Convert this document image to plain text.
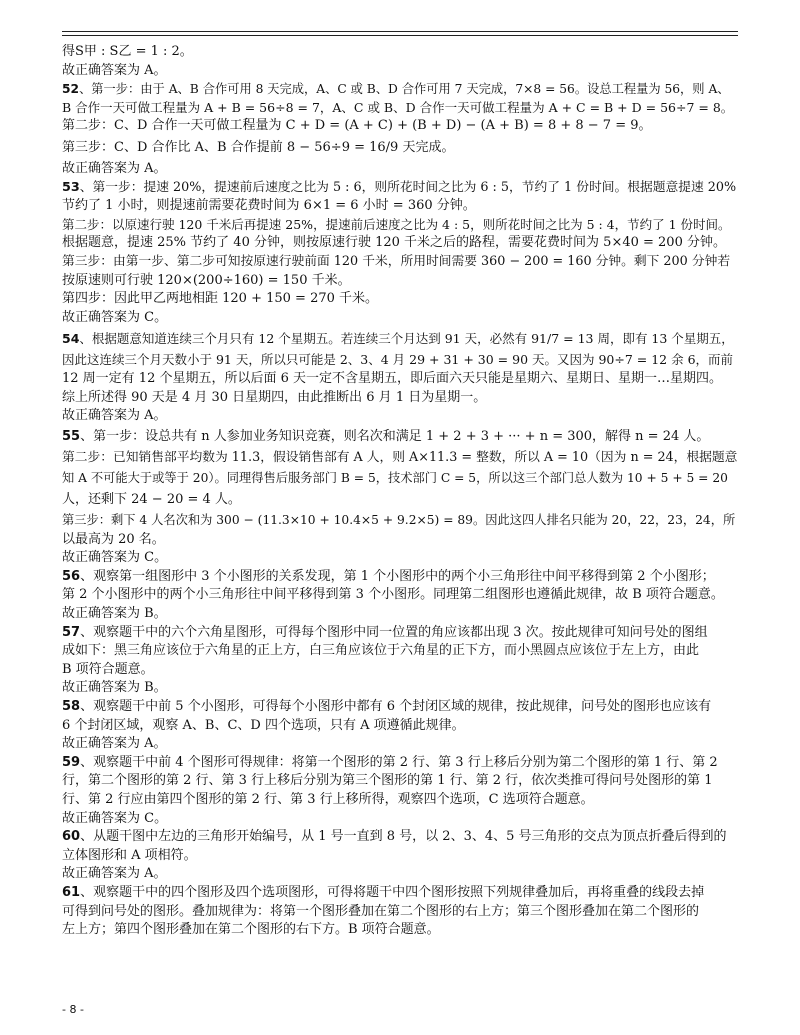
得S甲 : S乙 = 1 : 2。
故正确答案为 A。
52、第一步：由于 A、B 合作可用 8 天完成，A、C 或 B、D 合作可用 7 天完成，7×8 = 56。设总工程量为 56，则 A、
B 合作一天可做工程量为 A + B = 56÷8 = 7，A、C 或 B、D 合作一天可做工程量为 A + C = B + D = 56÷7 = 8。
第二步：C、D 合作一天可做工程量为 C + D = (A + C) + (B + D) − (A + B) = 8 + 8 − 7 = 9。
第三步：C、D 合作比 A、B 合作提前 8 − 56÷9 = 16/9 天完成。
故正确答案为 A。
53、第一步：提速 20%，提速前后速度之比为 5 : 6，则所花时间之比为 6 : 5，节约了 1 份时间。根据题意提速 20%
节约了 1 小时，则提速前需要花费时间为 6×1 = 6 小时 = 360 分钟。
第二步：以原速行驶 120 千米后再提速 25%，提速前后速度之比为 4 : 5，则所花时间之比为 5 : 4，节约了 1 份时间。
根据题意，提速 25% 节约了 40 分钟，则按原速行驶 120 千米之后的路程，需要花费时间为 5×40 = 200 分钟。
第三步：由第一步、第二步可知按原速行驶前面 120 千米，所用时间需要 360 − 200 = 160 分钟。剩下 200 分钟若
按原速则可行驶 120×(200÷160) = 150 千米。
第四步：因此甲乙两地相距 120 + 150 = 270 千米。
故正确答案为 C。
54、根据题意知道连续三个月只有 12 个星期五。若连续三个月达到 91 天，必然有 91/7 = 13 周，即有 13 个星期五，
因此这连续三个月天数小于 91 天，所以只可能是 2、3、4 月 29 + 31 + 30 = 90 天。又因为 90÷7 = 12 余 6，而前
12 周一定有 12 个星期五，所以后面 6 天一定不含星期五，即后面六天只能是星期六、星期日、星期一…星期四。
综上所述得 90 天是 4 月 30 日星期四，由此推断出 6 月 1 日为星期一。
故正确答案为 A。
55、第一步：设总共有 n 人参加业务知识竞赛，则名次和满足 1 + 2 + 3 + ··· + n = 300，解得 n = 24 人。
第二步：已知销售部平均数为 11.3，假设销售部有 A 人，则 A×11.3 = 整数，所以 A = 10（因为 n = 24，根据题意
知 A 不可能大于或等于 20）。同理得售后服务部门 B = 5，技术部门 C = 5，所以这三个部门总人数为 10 + 5 + 5 = 20
人，还剩下 24 − 20 = 4 人。
第三步：剩下 4 人名次和为 300 − (11.3×10 + 10.4×5 + 9.2×5) = 89。因此这四人排名只能为 20，22，23，24，所
以最高为 20 名。
故正确答案为 C。
56、观察第一组图形中 3 个小图形的关系发现，第 1 个小图形中的两个小三角形往中间平移得到第 2 个小图形；
第 2 个小图形中的两个小三角形往中间平移得到第 3 个小图形。同理第二组图形也遵循此规律，故 B 项符合题意。
故正确答案为 B。
57、观察题干中的六个六角星图形，可得每个图形中同一位置的角应该都出现 3 次。按此规律可知问号处的图组
成如下：黑三角应该位于六角星的正上方，白三角应该位于六角星的正下方，而小黑圆点应该位于左上方，由此
B 项符合题意。
故正确答案为 B。
58、观察题干中前 5 个小图形，可得每个小图形中都有 6 个封闭区域的规律，按此规律，问号处的图形也应该有
6 个封闭区域，观察 A、B、C、D 四个选项，只有 A 项遵循此规律。
故正确答案为 A。
59、观察题干中前 4 个图形可得规律：将第一个图形的第 2 行、第 3 行上移后分别为第二个图形的第 1 行、第 2
行，第二个图形的第 2 行、第 3 行上移后分别为第三个图形的第 1 行、第 2 行，依次类推可得问号处图形的第 1
行、第 2 行应由第四个图形的第 2 行、第 3 行上移所得，观察四个选项，C 选项符合题意。
故正确答案为 C。
60、从题干图中左边的三角形开始编号，从 1 号一直到 8 号，以 2、3、4、5 号三角形的交点为顶点折叠后得到的
立体图形和 A 项相符。
故正确答案为 A。
61、观察题干中的四个图形及四个选项图形，可得将题干中四个图形按照下列规律叠加后，再将重叠的线段去掉
可得到问号处的图形。叠加规律为：将第一个图形叠加在第二个图形的右上方；第三个图形叠加在第二个图形的
左上方；第四个图形叠加在第二个图形的右下方。B 项符合题意。
- 8 -
